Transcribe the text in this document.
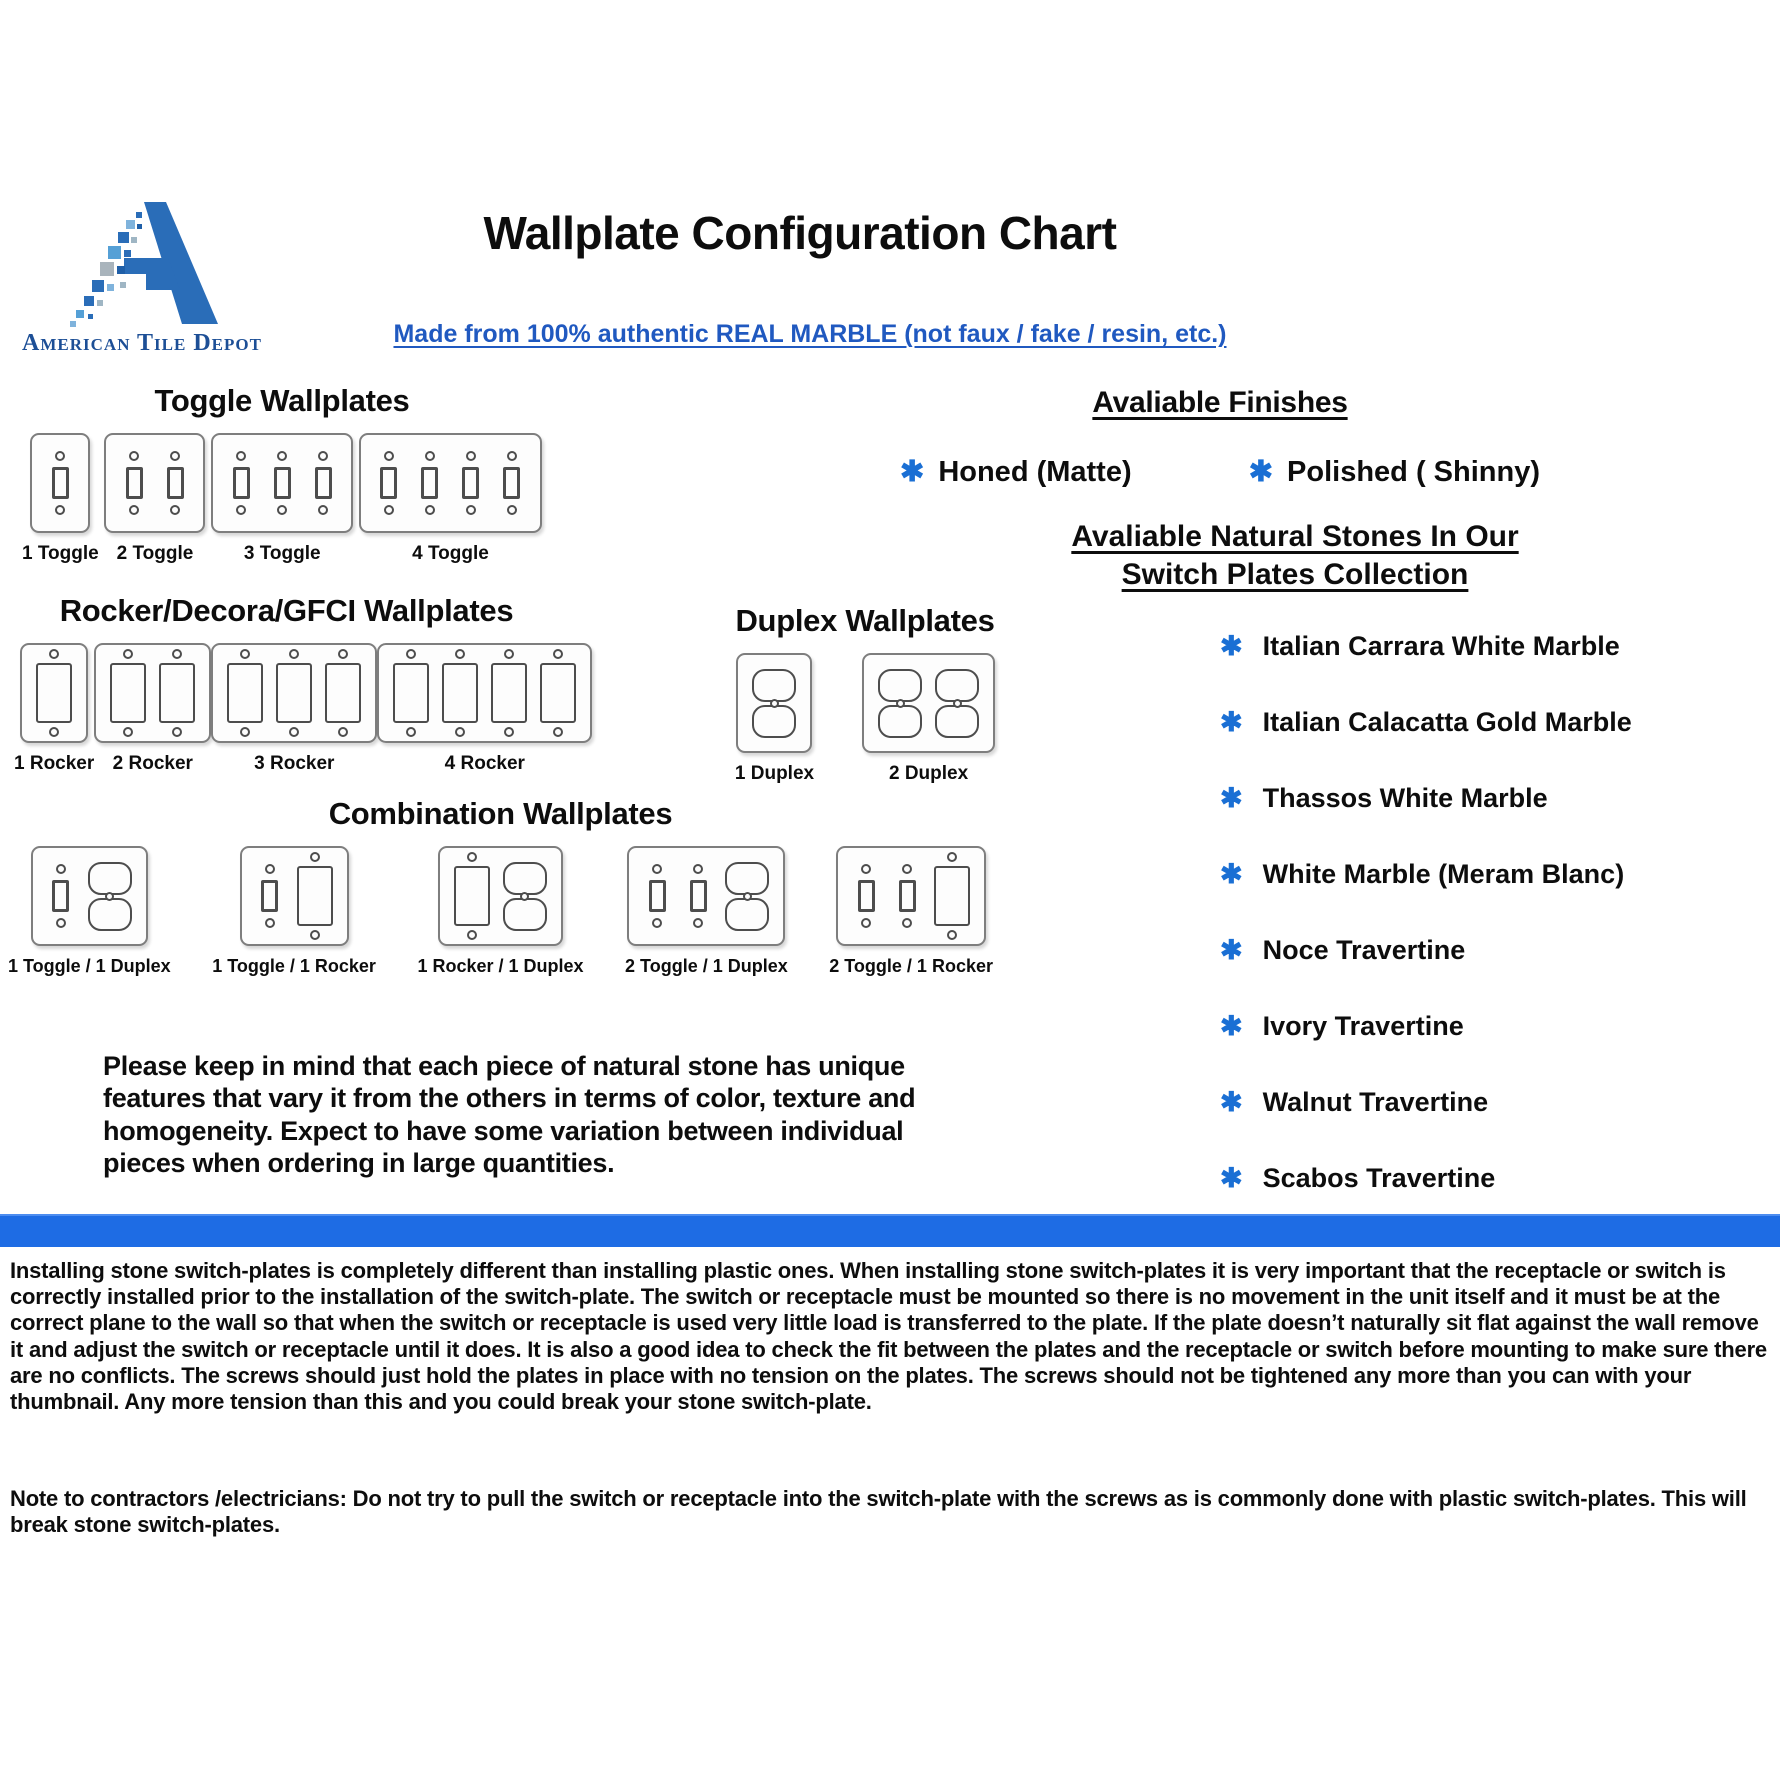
American Tile Depot
Wallplate Configuration Chart
Made from 100% authentic REAL MARBLE (not faux / fake / resin, etc.)
Toggle Wallplates
1 Toggle 2 Toggle	3 Toggle	4 Toggle
Rocker/Decora/GFCI Wallplates
1 Rocker 2 Rocker	3 Rocker	4 Rocker
Duplex Wallplates
1 Duplex	2 Duplex
Combination Wallplates
1 Toggle / 1 Duplex 1 Toggle / 1 Rocker 1 Rocker / 1 Duplex 2 Toggle / 1 Duplex 2 Toggle / 1 Rocker
Avaliable Finishes
✱ Honed (Matte)	✱ Polished ( Shinny)
Avaliable Natural Stones In Our
Switch Plates Collection
✱ Italian Carrara White Marble
✱ Italian Calacatta Gold Marble
✱ Thassos White Marble
✱ White Marble (Meram Blanc)
✱ Noce Travertine
✱ Ivory Travertine
✱ Walnut Travertine
✱ Scabos Travertine
Please keep in mind that each piece of natural stone has unique features that vary it from the others in terms of color, texture and homogeneity. Expect to have some variation between individual pieces when ordering in large quantities.
Installing stone switch-plates is completely different than installing plastic ones. When installing stone switch-plates it is very important that the receptacle or switch is correctly installed prior to the installation of the switch-plate. The switch or receptacle must be mounted so there is no movement in the unit itself and it must be at the correct plane to the wall so that when the switch or receptacle is used very little load is transferred to the plate. If the plate doesn’t naturally sit flat against the wall remove it and adjust the switch or receptacle until it does. It is also a good idea to check the fit between the plates and the receptacle or switch before mounting to make sure there are no conflicts. The screws should just hold the plates in place with no tension on the plates. The screws should not be tightened any more than you can with your thumbnail. Any more tension than this and you could break your stone switch-plate.
Note to contractors /electricians: Do not try to pull the switch or receptacle into the switch-plate with the screws as is commonly done with plastic switch-plates. This will break stone switch-plates.
